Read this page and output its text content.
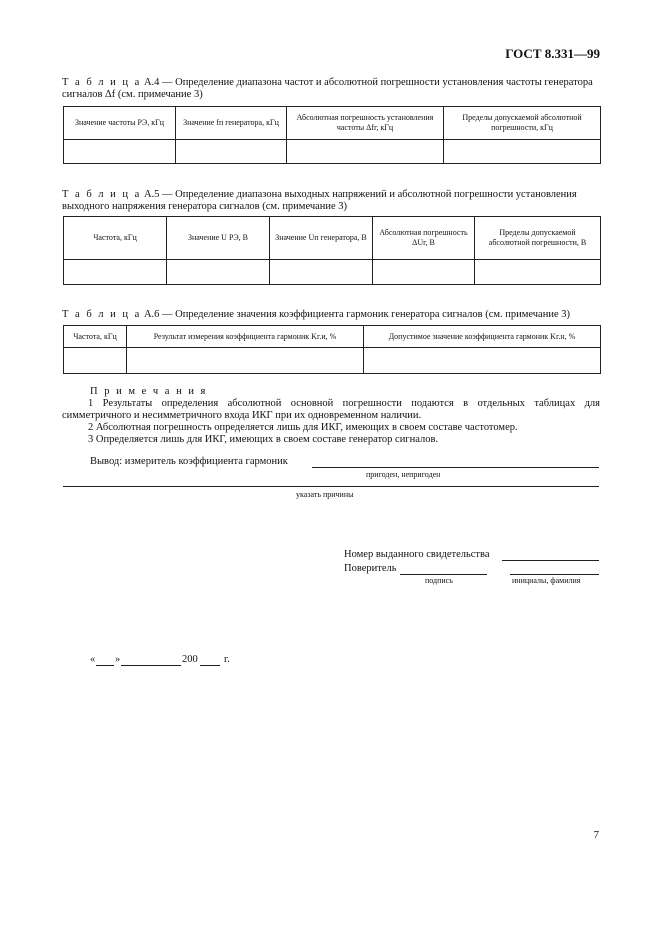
ГОСТ 8.331—99
Т а б л и ц а А.4 — Определение диапазона частот и абсолютной погрешности установления частоты генератора сигналов Δf (см. примечание 3)
Значение частоты РЭ, кГц	Значение fп генератора, кГц	Абсолютная погрешность установления частоты Δfг, кГц	Пределы допускаемой абсолютной погрешности, кГц

Т а б л и ц а А.5 — Определение диапазона выходных напряжений и абсолютной погрешности установления выходного напряжения генератора сигналов (см. примечание 3)
Частота, кГц	Значение U РЭ, В	Значение Uп генератора, В	Абсолютная погрешность ΔUг, В	Пределы допускаемой абсолютной погрешности, В

Т а б л и ц а А.6 — Определение значения коэффициента гармоник генератора сигналов (см. примечание 3)
Частота, кГц	Результат измерения коэффициента гармоник Kг.и, %	Допустимое значение коэффициента гармоник Kг.н, %

П р и м е ч а н и я

1 Результаты определения абсолютной основной погрешности подаются в отдельных таблицах для симметричного и несимметричного входа ИКГ при их одновременном наличии.

2 Абсолютная погрешность определяется лишь для ИКГ, имеющих в своем составе частотомер.

3 Определяется лишь для ИКГ, имеющих в своем составе генератор сигналов.

Вывод: измеритель коэффициента гармоник
пригоден, непригоден
указать причины
Номер выданного свидетельства
Поверитель
подпись	инициалы, фамилия
« »	200	г.
7
